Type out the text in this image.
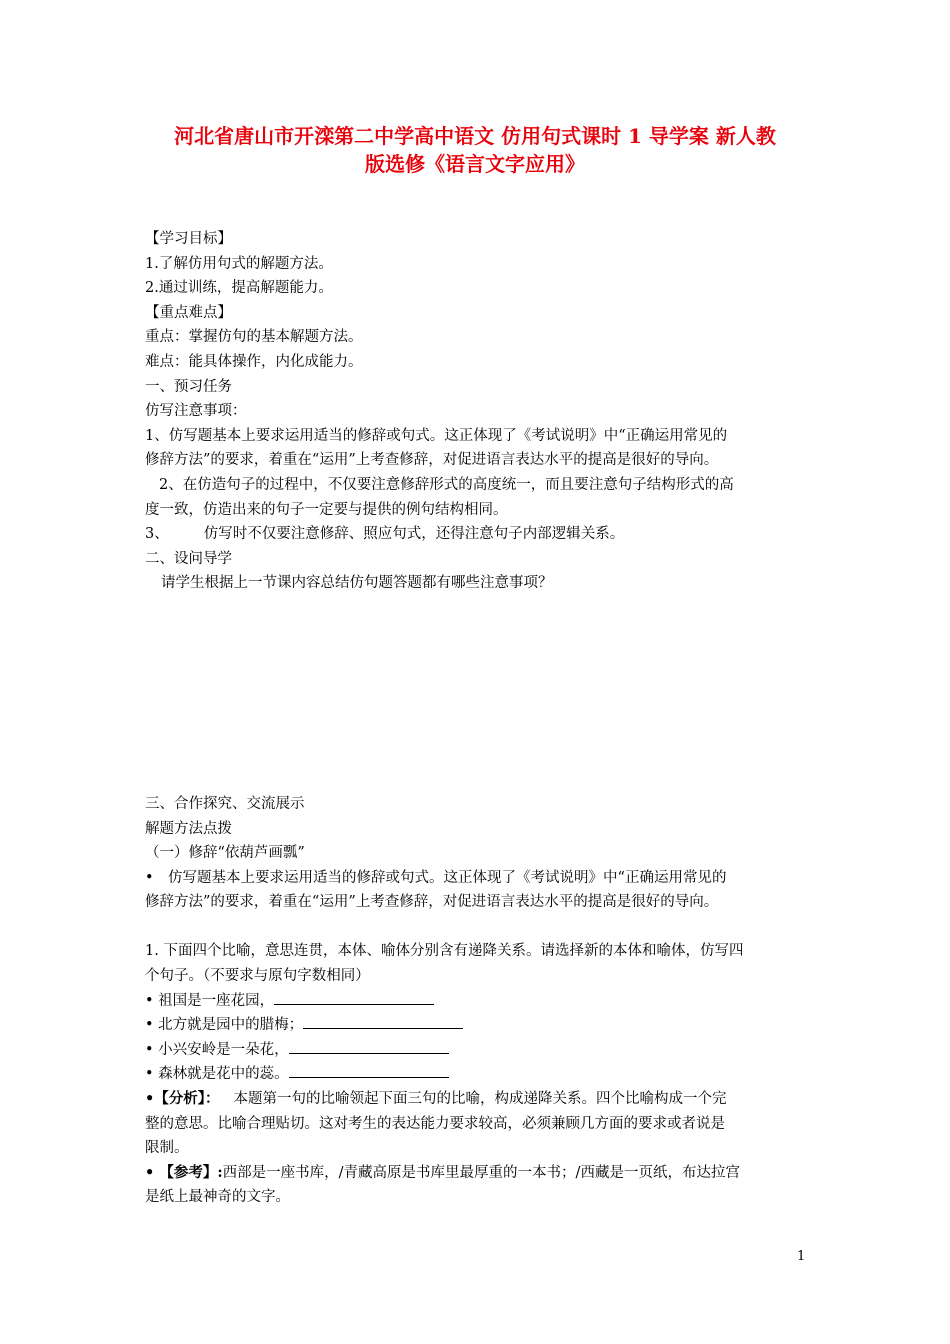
河北省唐山市开滦第二中学高中语文 仿用句式课时 1 导学案 新人教
版选修《语言文字应用》

【学习目标】

1.了解仿用句式的解题方法。

2.通过训练，提高解题能力。

【重点难点】

重点：掌握仿句的基本解题方法。

难点：能具体操作，内化成能力。

一、预习任务

仿写注意事项：

1、仿写题基本上要求运用适当的修辞或句式。这正体现了《考试说明》中“正确运用常见的

修辞方法”的要求，着重在“运用”上考查修辞，对促进语言表达水平的提高是很好的导向。

2、在仿造句子的过程中，不仅要注意修辞形式的高度统一，而且要注意句子结构形式的高

度一致，仿造出来的句子一定要与提供的例句结构相同。

3、 仿写时不仅要注意修辞、照应句式，还得注意句子内部逻辑关系。

二、设问导学

请学生根据上一节课内容总结仿句题答题都有哪些注意事项？

三、合作探究、交流展示

解题方法点拨

（一）修辞“依葫芦画瓢”

•　仿写题基本上要求运用适当的修辞或句式。这正体现了《考试说明》中“正确运用常见的

修辞方法”的要求，着重在“运用”上考查修辞，对促进语言表达水平的提高是很好的导向。

1. 下面四个比喻，意思连贯，本体、喻体分别含有递降关系。请选择新的本体和喻体，仿写四

个句子。（不要求与原句字数相同）

• 祖国是一座花园，

• 北方就是园中的腊梅；

• 小兴安岭是一朵花，

• 森林就是花中的蕊。

•【分析】： 本题第一句的比喻领起下面三句的比喻，构成递降关系。四个比喻构成一个完

整的意思。比喻合理贴切。这对考生的表达能力要求较高，必须兼顾几方面的要求或者说是

限制。

• 【参考】:西部是一座书库，/青藏高原是书库里最厚重的一本书；/西藏是一页纸，布达拉宫

是纸上最神奇的文字。

1
